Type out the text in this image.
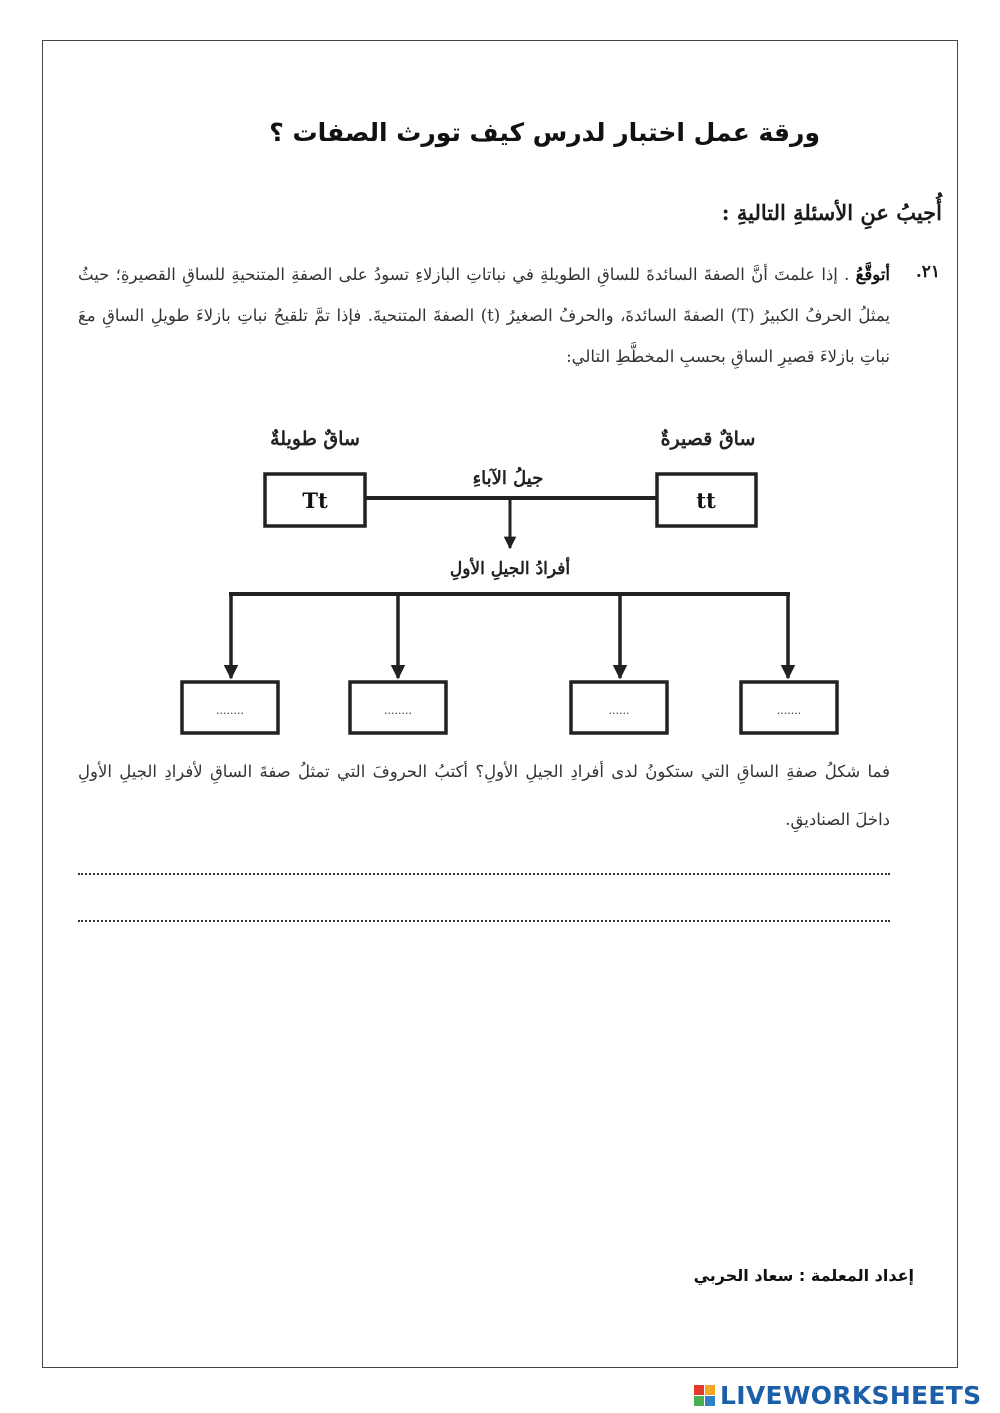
ورقة عمل اختبار لدرس كيف تورث الصفات ؟
أُجيبُ عنِ الأسئلةِ التاليةِ :
٢١.
أتوقَّعُ . إذا علمتَ أنَّ الصفةَ السائدةَ للساقِ الطويلةِ في نباتاتِ البازلاءِ تسودُ على الصفةِ المتنحيةِ للساقِ القصيرةِ؛ حيثُ يمثلُ الحرفُ الكبيرُ (T) الصفةَ السائدةَ، والحرفُ الصغيرُ (t) الصفةَ المتنحيةَ. فإذا تمَّ تلقيحُ نباتِ بازلاءَ طويلِ الساقِ معَ نباتِ بازلاءَ قصيرِ الساقِ بحسبِ المخطَّطِ التالي:
ساقٌ طويلةٌ	ساقٌ قصيرةٌ
Tt	tt
جيلُ الآباءِ
أفرادُ الجيلِ الأولِ
........	........	......	.......
فما شكلُ صفةِ الساقِ التي ستكونُ لدى أفرادِ الجيلِ الأولِ؟ أكتبُ الحروفَ التي تمثلُ صفةَ الساقِ لأفرادِ الجيلِ الأولِ داخلَ الصناديقِ.
إعداد المعلمة : سعاد الحربي
LIVEWORKSHEETS
